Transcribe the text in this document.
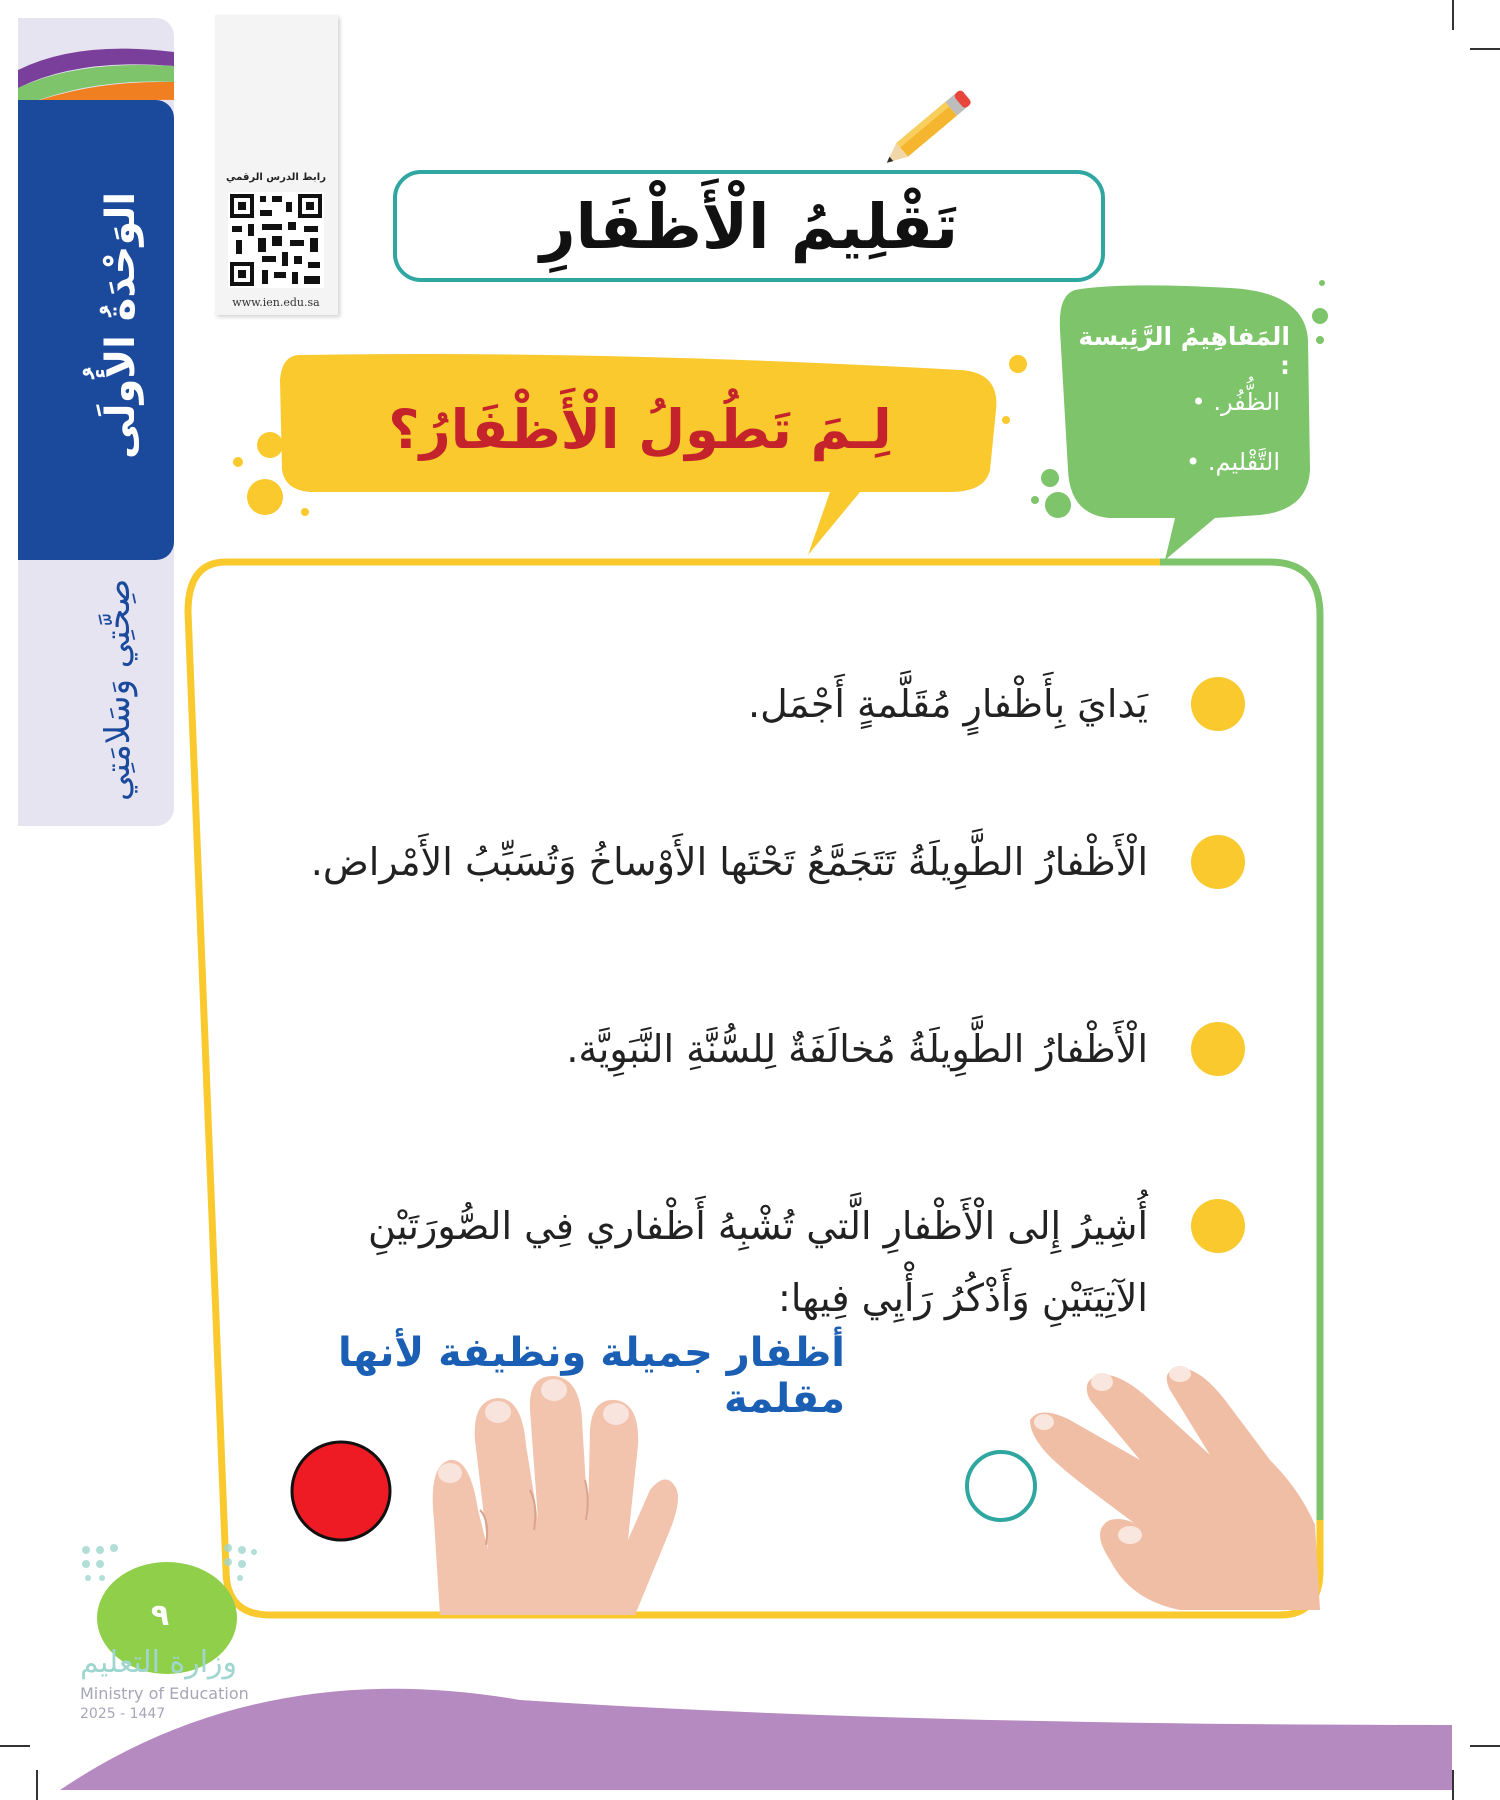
الوَحْدَةُ الأُولَى
صِحَّتِي وَسَلامَتِي
رابط الدرس الرقمي
www.ien.edu.sa
تَقْلِيمُ الْأَظْفَارِ
المَفاهِيمُ الرَّئِيسة :
الظُّفُر. •
التَّقْليم. •
لِـمَ تَطُولُ الْأَظْفَارُ؟
يَدايَ بِأَظْفارٍ مُقَلَّمةٍ أَجْمَل.
الْأَظْفارُ الطَّوِيلَةُ تَتَجَمَّعُ تَحْتَها الأَوْساخُ وَتُسَبِّبُ الأَمْراض.
الْأَظْفارُ الطَّوِيلَةُ مُخالَفَةٌ لِلسُّنَّةِ النَّبَوِيَّة.
أُشِيرُ إِلى الْأَظْفارِ الَّتي تُشْبِهُ أَظْفاري فِي الصُّورَتَيْنِ الآتِيَتَيْنِ وَأَذْكُرُ رَأْيِي فِيها:
أظفار جميلة ونظيفة لأنها مقلمة
٩
وزارة التعليم
Ministry of Education
2025 - 1447
